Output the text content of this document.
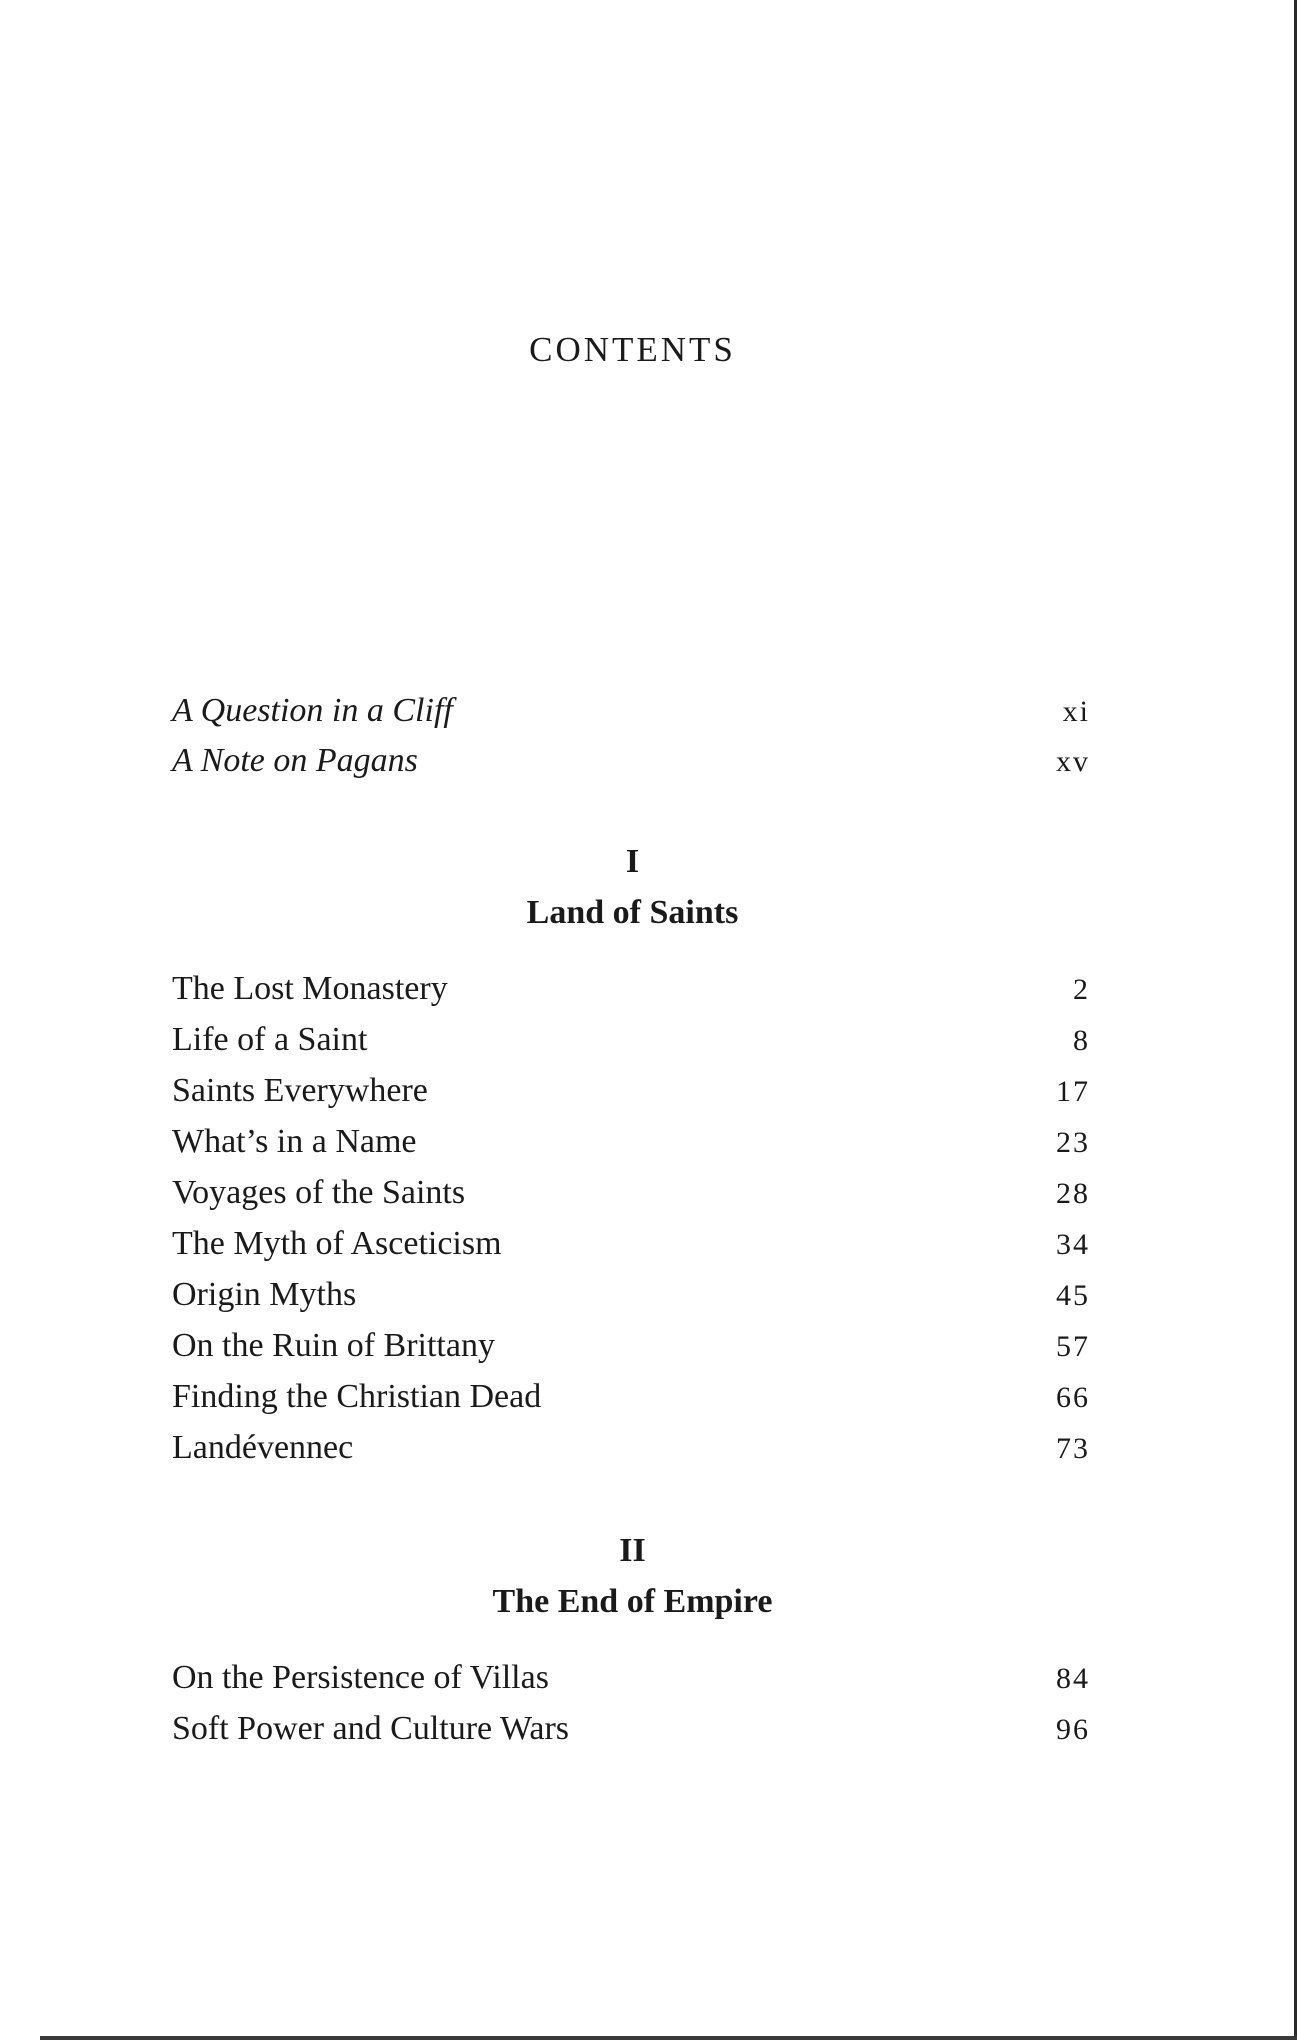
CONTENTS
A Question in a Cliff	xi
A Note on Pagans	xv
I
Land of Saints
The Lost Monastery	2
Life of a Saint	8
Saints Everywhere	17
What’s in a Name	23
Voyages of the Saints	28
The Myth of Asceticism	34
Origin Myths	45
On the Ruin of Brittany	57
Finding the Christian Dead	66
Landévennec	73
II
The End of Empire
On the Persistence of Villas	84
Soft Power and Culture Wars	96
